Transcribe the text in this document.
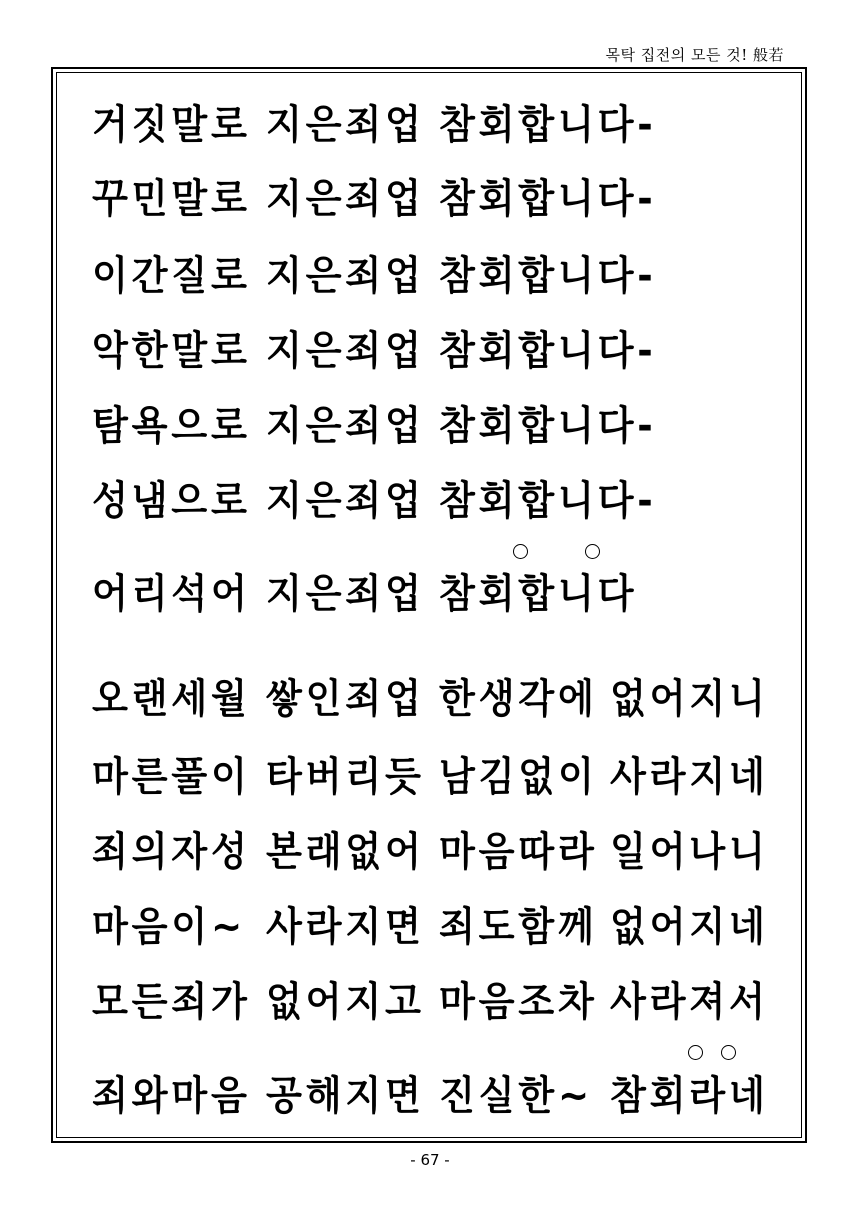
목탁 집전의 모든 것! 般若
거짓말로 지은죄업 참회합니다-
꾸민말로 지은죄업 참회합니다-
이간질로 지은죄업 참회합니다-
악한말로 지은죄업 참회합니다-
탐욕으로 지은죄업 참회합니다-
성냄으로 지은죄업 참회합니다-
어리석어 지은죄업 참회합니다
오랜세월 쌓인죄업 한생각에 없어지니
마른풀이 타버리듯 남김없이 사라지네
죄의자성 본래없어 마음따라 일어나니
마음이~ 사라지면 죄도함께 없어지네
모든죄가 없어지고 마음조차 사라져서
죄와마음 공해지면 진실한~ 참회라네
- 67 -
